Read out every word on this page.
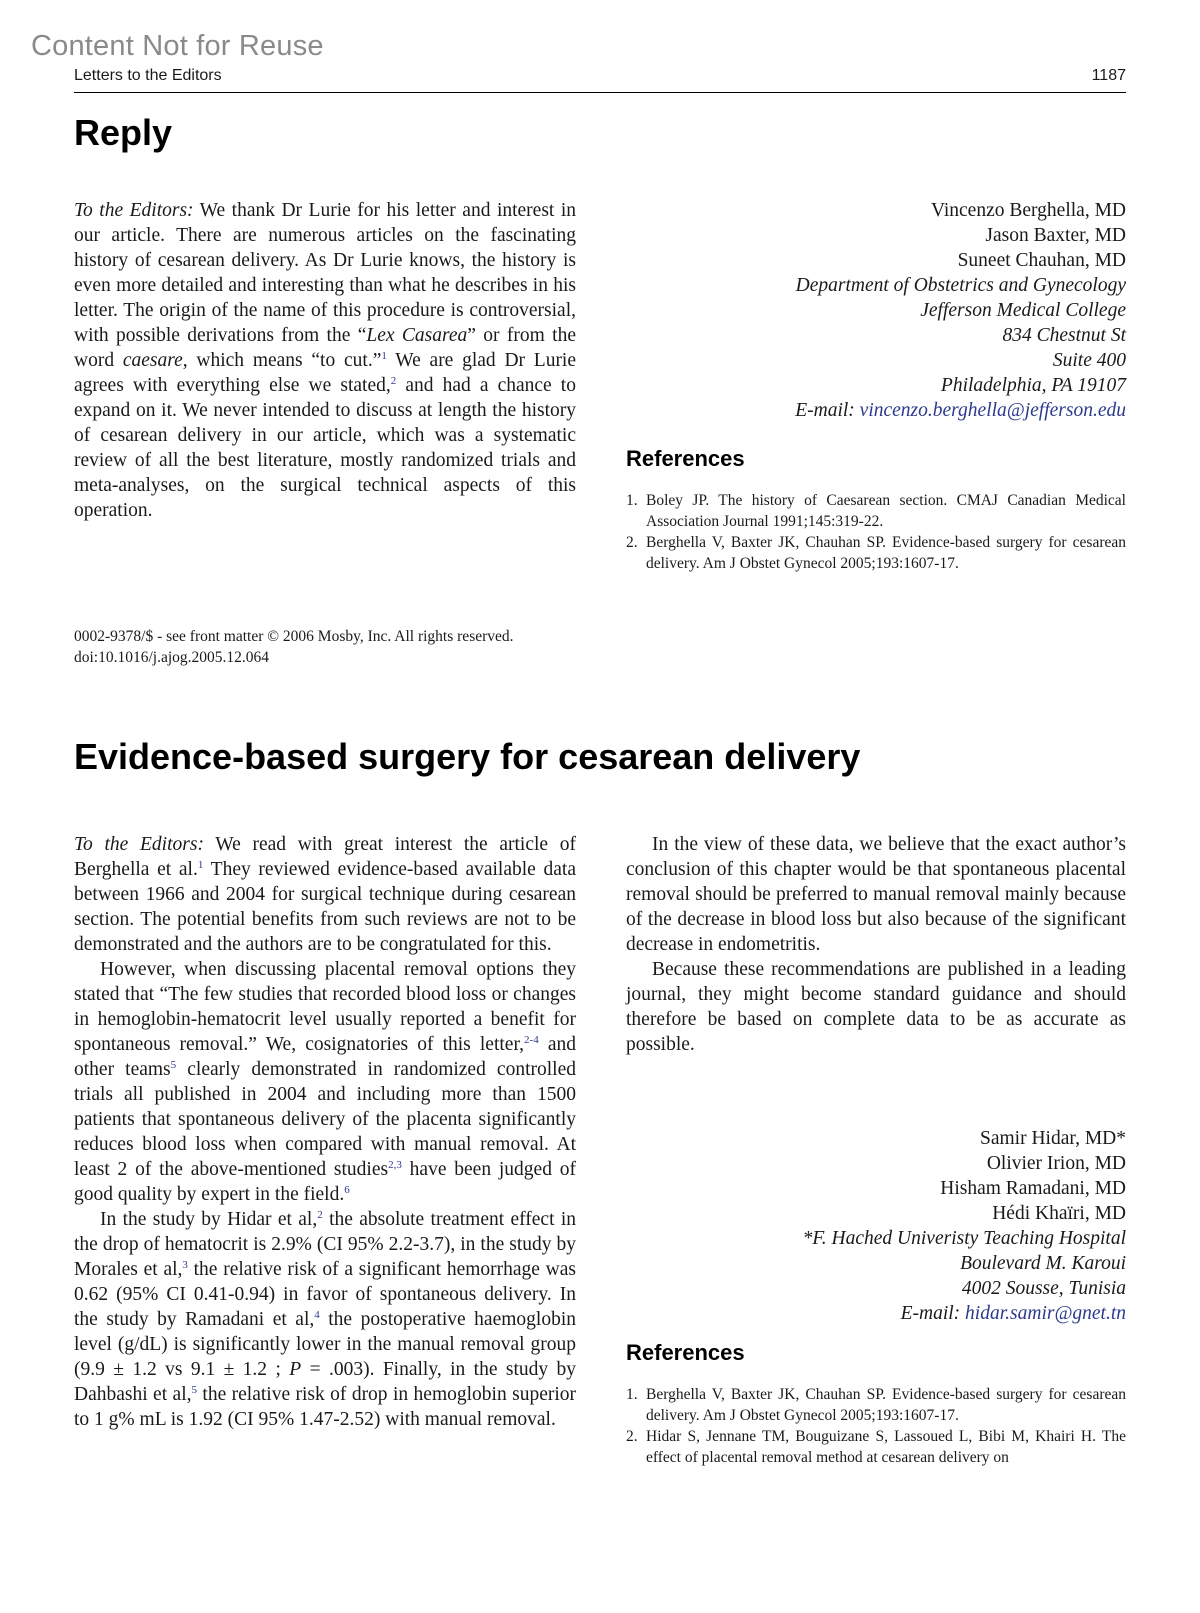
Content Not for Reuse
Letters to the Editors	1187
Reply

To the Editors: We thank Dr Lurie for his letter and interest in our article. There are numerous articles on the fascinating history of cesarean delivery. As Dr Lurie knows, the history is even more detailed and interesting than what he describes in his letter. The origin of the name of this procedure is controversial, with possible derivations from the “Lex Casarea” or from the word caesare, which means “to cut.”$^1$ We are glad Dr Lurie agrees with everything else we stated,$^2$ and had a chance to expand on it. We never intended to discuss at length the history of cesarean delivery in our article, which was a systematic review of all the best literature, mostly randomized trials and meta-analyses, on the surgical technical aspects of this operation.

Vincenzo Berghella, MD
Jason Baxter, MD
Suneet Chauhan, MD
Department of Obstetrics and Gynecology
Jefferson Medical College
834 Chestnut St
Suite 400
Philadelphia, PA 19107
E-mail: vincenzo.berghella@jefferson.edu
References
1. Boley JP. The history of Caesarean section. CMAJ Canadian Medical Association Journal 1991;145:319-22.
2. Berghella V, Baxter JK, Chauhan SP. Evidence-based surgery for cesarean delivery. Am J Obstet Gynecol 2005;193:1607-17.
0002-9378/$ - see front matter © 2006 Mosby, Inc. All rights reserved.
doi:10.1016/j.ajog.2005.12.064
Evidence-based surgery for cesarean delivery

To the Editors: We read with great interest the article of Berghella et al.$^1$ They reviewed evidence-based available data between 1966 and 2004 for surgical technique during cesarean section. The potential benefits from such reviews are not to be demonstrated and the authors are to be congratulated for this.

However, when discussing placental removal options they stated that “The few studies that recorded blood loss or changes in hemoglobin-hematocrit level usually reported a benefit for spontaneous removal.” We, cosignatories of this letter,$^{2-4}$ and other teams$^5$ clearly demonstrated in randomized controlled trials all published in 2004 and including more than 1500 patients that spontaneous delivery of the placenta significantly reduces blood loss when compared with manual removal. At least 2 of the above-mentioned studies$^{2,3}$ have been judged of good quality by expert in the field.$^6$

In the study by Hidar et al,$^2$ the absolute treatment effect in the drop of hematocrit is 2.9% (CI 95% 2.2-3.7), in the study by Morales et al,$^3$ the relative risk of a significant hemorrhage was 0.62 (95% CI 0.41-0.94) in favor of spontaneous delivery. In the study by Ramadani et al,$^4$ the postoperative haemoglobin level (g/dL) is significantly lower in the manual removal group (9.9 ± 1.2 vs 9.1 ± 1.2 ; P = .003). Finally, in the study by Dahbashi et al,$^5$ the relative risk of drop in hemoglobin superior to 1 g% mL is 1.92 (CI 95% 1.47-2.52) with manual removal.

In the view of these data, we believe that the exact author’s conclusion of this chapter would be that spontaneous placental removal should be preferred to manual removal mainly because of the decrease in blood loss but also because of the significant decrease in endometritis.

Because these recommendations are published in a leading journal, they might become standard guidance and should therefore be based on complete data to be as accurate as possible.

Samir Hidar, MD*
Olivier Irion, MD
Hisham Ramadani, MD
Hédi Khaïri, MD
*F. Hached Univeristy Teaching Hospital
Boulevard M. Karoui
4002 Sousse, Tunisia
E-mail: hidar.samir@gnet.tn
References
1. Berghella V, Baxter JK, Chauhan SP. Evidence-based surgery for cesarean delivery. Am J Obstet Gynecol 2005;193:1607-17.
2. Hidar S, Jennane TM, Bouguizane S, Lassoued L, Bibi M, Khairi H. The effect of placental removal method at cesarean delivery on
